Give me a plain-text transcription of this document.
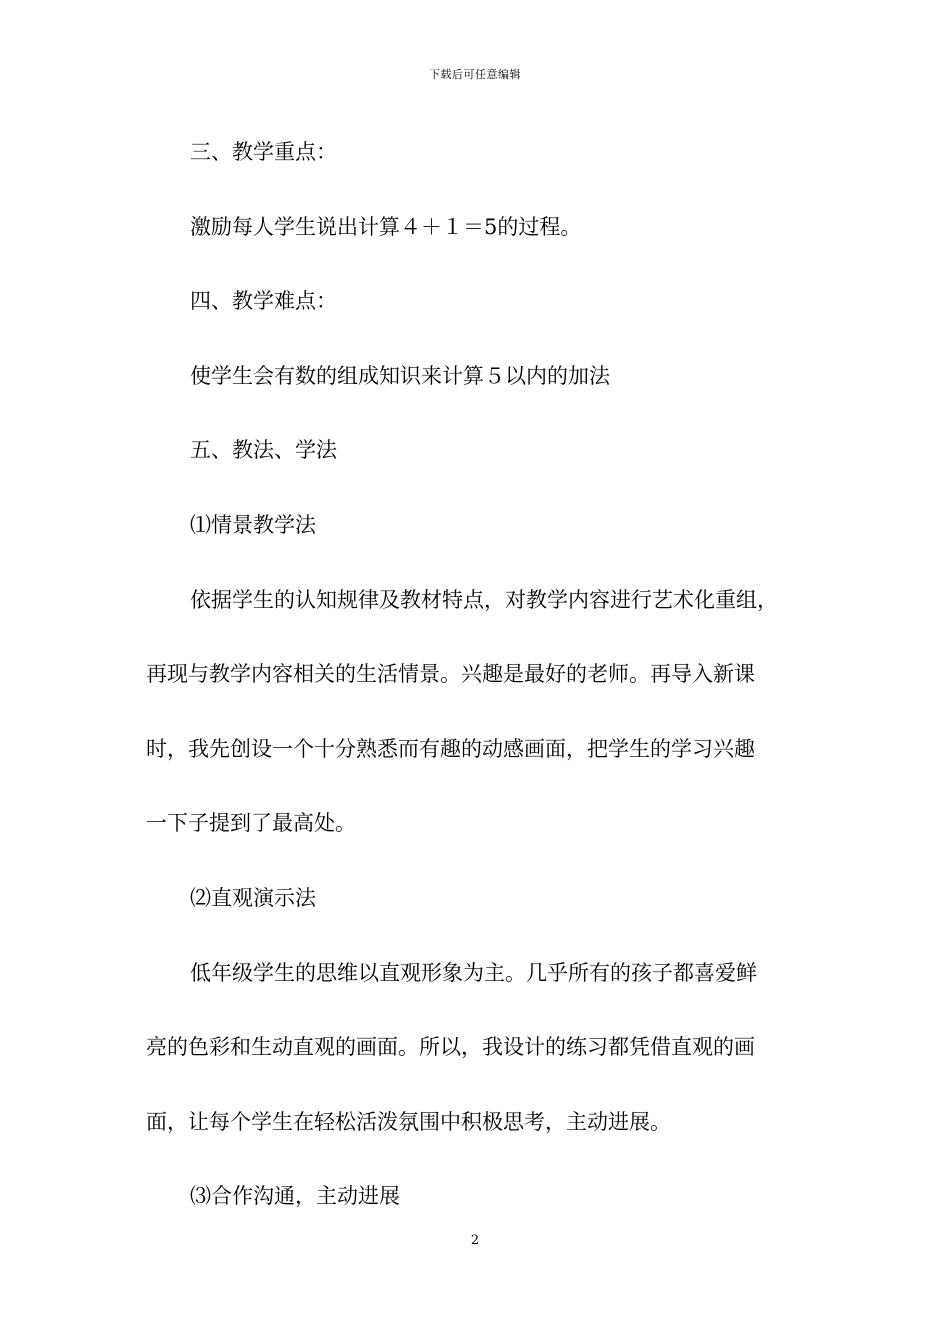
下载后可任意编辑
三、教学重点：
激励每人学生说出计算４＋１＝5的过程。
四、教学难点：
使学生会有数的组成知识来计算５以内的加法
五、教法、学法
⑴情景教学法
依据学生的认知规律及教材特点，对教学内容进行艺术化重组，
再现与教学内容相关的生活情景。兴趣是最好的老师。再导入新课
时，我先创设一个十分熟悉而有趣的动感画面，把学生的学习兴趣
一下子提到了最高处。
⑵直观演示法
低年级学生的思维以直观形象为主。几乎所有的孩子都喜爱鲜
亮的色彩和生动直观的画面。所以，我设计的练习都凭借直观的画
面，让每个学生在轻松活泼氛围中积极思考，主动进展。
⑶合作沟通，主动进展
2
